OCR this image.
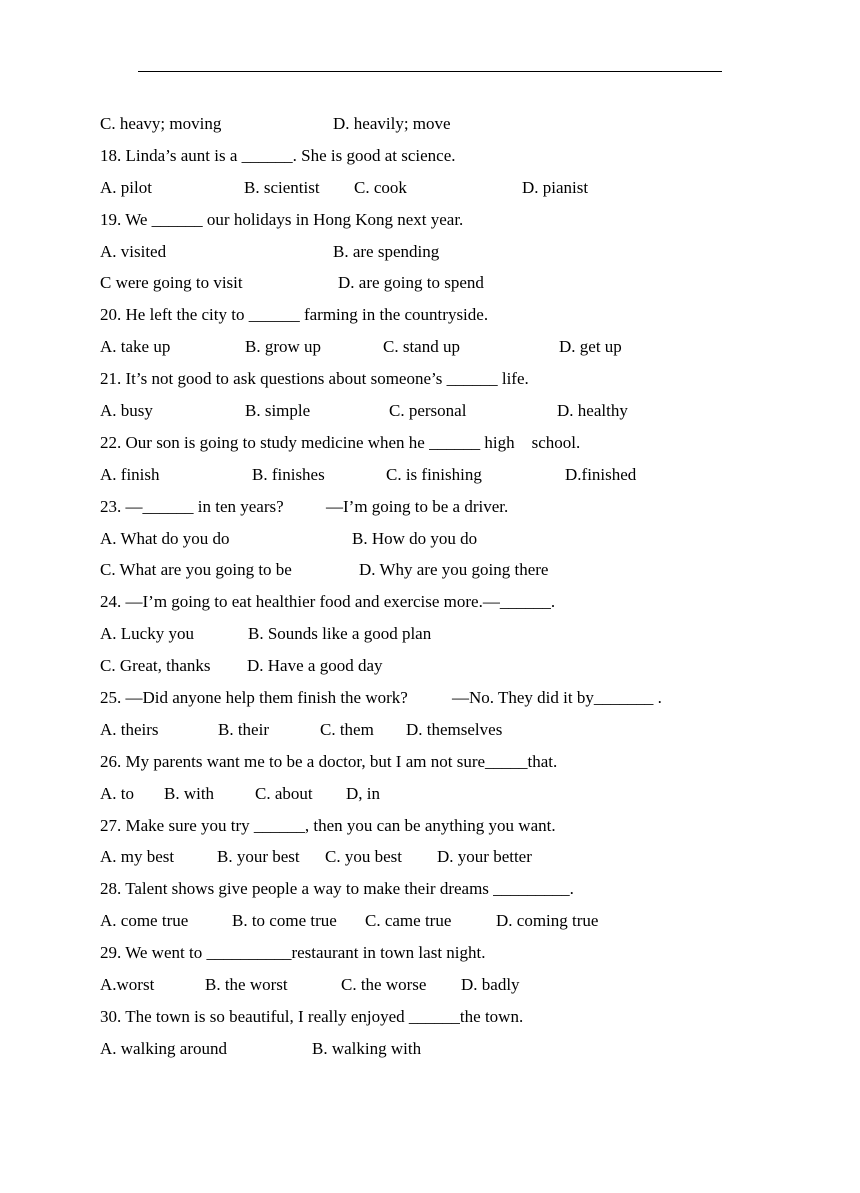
C. heavy; moving	D. heavily; move
18. Linda’s aunt is a ______. She is good at science.
A. pilot	B. scientist C. cook	D. pianist
19. We ______ our holidays in Hong Kong next year.
A. visited	B. are spending
C were going to visit	D. are going to spend
20. He left the city to ______ farming in the countryside.
A. take up	B. grow up	C. stand up	D. get up
21. It’s not good to ask questions about someone’s ______ life.
A. busy	B. simple	C. personal	D. healthy
22. Our son is going to study medicine when he ______ high    school.
A. finish	B. finishes	C. is finishing	D.finished
23. —______ in ten years? —I’m going to be a driver.
A. What do you do	B. How do you do
C. What are you going to be	D. Why are you going there
24. —I’m going to eat healthier food and exercise more.—______.
A. Lucky you	B. Sounds like a good plan
C. Great, thanks D. Have a good day
25. —Did anyone help them finish the work?	—No. They did it by_______ .
A. theirs	B. their	C. them D. themselves
26. My parents want me to be a doctor, but I am not sure_____that.
A. to B. with C. about D, in
27. Make sure you try ______, then you can be anything you want.
A. my best	B. your best C. you best D. your better
28. Talent shows give people a way to make their dreams _________.
A. come true	B. to come true C. came true	D. coming true
29. We went to __________restaurant in town last night.
A.worst	B. the worst	C. the worse D. badly
30. The town is so beautiful, I really enjoyed ______the town.
A. walking around	B. walking with
